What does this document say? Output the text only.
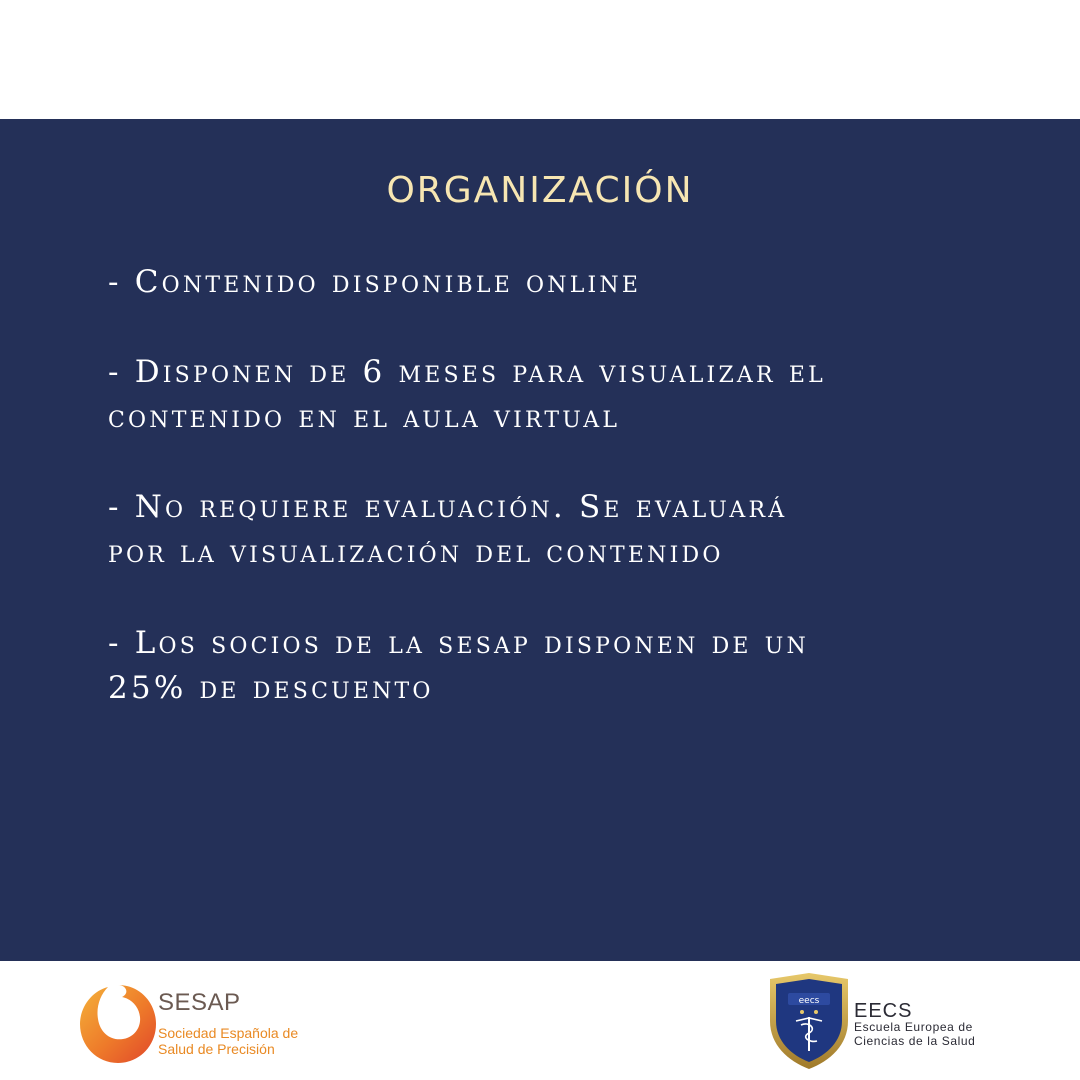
ORGANIZACIÓN
- Contenido disponible online
- Disponen de 6 meses para visualizar el
contenido en el aula virtual
- No requiere evaluación. Se evaluará
por la visualización del contenido
- Los socios de la sesap disponen de un
25% de descuento
SESAP
Sociedad Española de
Salud de Precisión
eecs EECS
Escuela Europea de
Ciencias de la Salud
